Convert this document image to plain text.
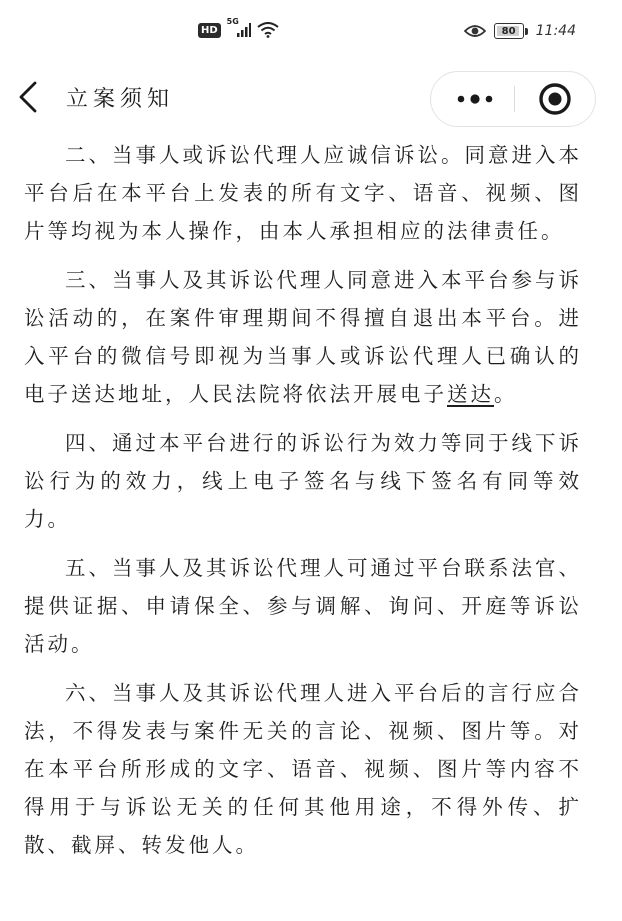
HD
5G
80 11:44
立案须知

二、当事人或诉讼代理人应诚信诉讼。同意进入本平台后在本平台上发表的所有文字、语音、视频、图片等均视为本人操作，由本人承担相应的法律责任。

三、当事人及其诉讼代理人同意进入本平台参与诉讼活动的，在案件审理期间不得擅自退出本平台。进入平台的微信号即视为当事人或诉讼代理人已确认的电子送达地址，人民法院将依法开展电子送达。

四、通过本平台进行的诉讼行为效力等同于线下诉讼行为的效力，线上电子签名与线下签名有同等效力。

五、当事人及其诉讼代理人可通过平台联系法官、提供证据、申请保全、参与调解、询问、开庭等诉讼活动。

六、当事人及其诉讼代理人进入平台后的言行应合法，不得发表与案件无关的言论、视频、图片等。对在本平台所形成的文字、语音、视频、图片等内容不得用于与诉讼无关的任何其他用途，不得外传、扩散、截屏、转发他人。
